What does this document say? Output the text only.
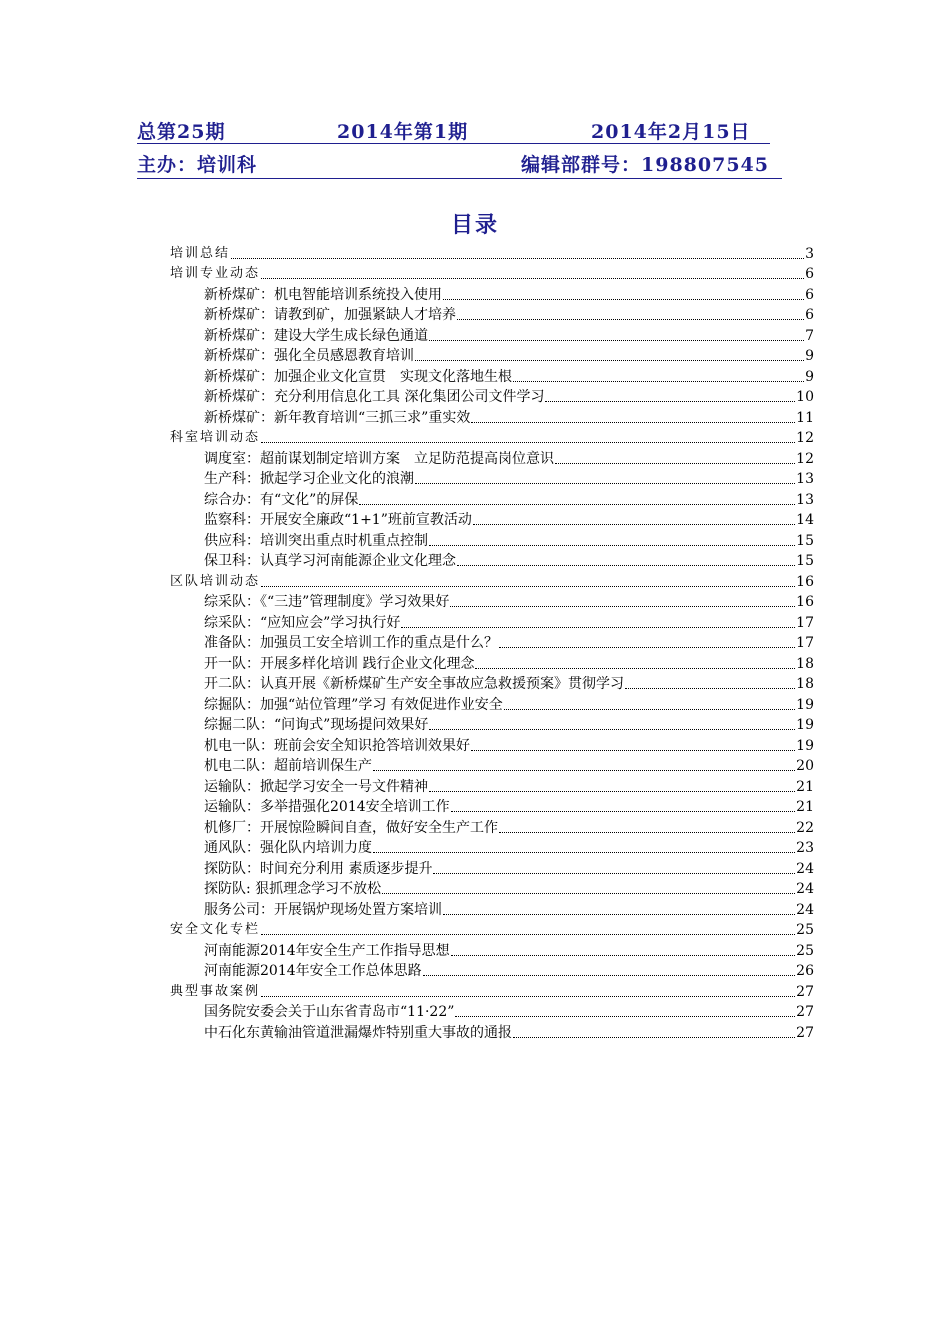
总第25期	2014年第1期	2014年2月15日
主办：培训科	编辑部群号：198807545
目录
培训总结	3
培训专业动态	6
新桥煤矿：机电智能培训系统投入使用	6
新桥煤矿：请教到矿，加强紧缺人才培养	6
新桥煤矿：建设大学生成长绿色通道	7
新桥煤矿：强化全员感恩教育培训	9
新桥煤矿：加强企业文化宣贯　实现文化落地生根	9
新桥煤矿：充分利用信息化工具 深化集团公司文件学习	10
新桥煤矿：新年教育培训“三抓三求”重实效	11
科室培训动态	12
调度室：超前谋划制定培训方案　立足防范提高岗位意识	12
生产科：掀起学习企业文化的浪潮	13
综合办：有“文化”的屏保	13
监察科：开展安全廉政“1+1”班前宣教活动	14
供应科：培训突出重点时机重点控制	15
保卫科：认真学习河南能源企业文化理念	15
区队培训动态	16
综采队：《“三违”管理制度》学习效果好	16
综采队：“应知应会”学习执行好	17
准备队：加强员工安全培训工作的重点是什么？	17
开一队：开展多样化培训 践行企业文化理念	18
开二队：认真开展《新桥煤矿生产安全事故应急救援预案》贯彻学习	18
综掘队：加强“站位管理”学习 有效促进作业安全	19
综掘二队：“问询式”现场提问效果好	19
机电一队：班前会安全知识抢答培训效果好	19
机电二队：超前培训保生产	20
运输队：掀起学习安全一号文件精神	21
运输队：多举措强化2014安全培训工作	21
机修厂：开展惊险瞬间自查，做好安全生产工作	22
通风队：强化队内培训力度	23
探防队：时间充分利用 素质逐步提升	24
探防队: 狠抓理念学习不放松	24
服务公司：开展锅炉现场处置方案培训	24
安全文化专栏	25
河南能源2014年安全生产工作指导思想	25
河南能源2014年安全工作总体思路	26
典型事故案例	27
国务院安委会关于山东省青岛市“11·22”	27
中石化东黄输油管道泄漏爆炸特别重大事故的通报	27
